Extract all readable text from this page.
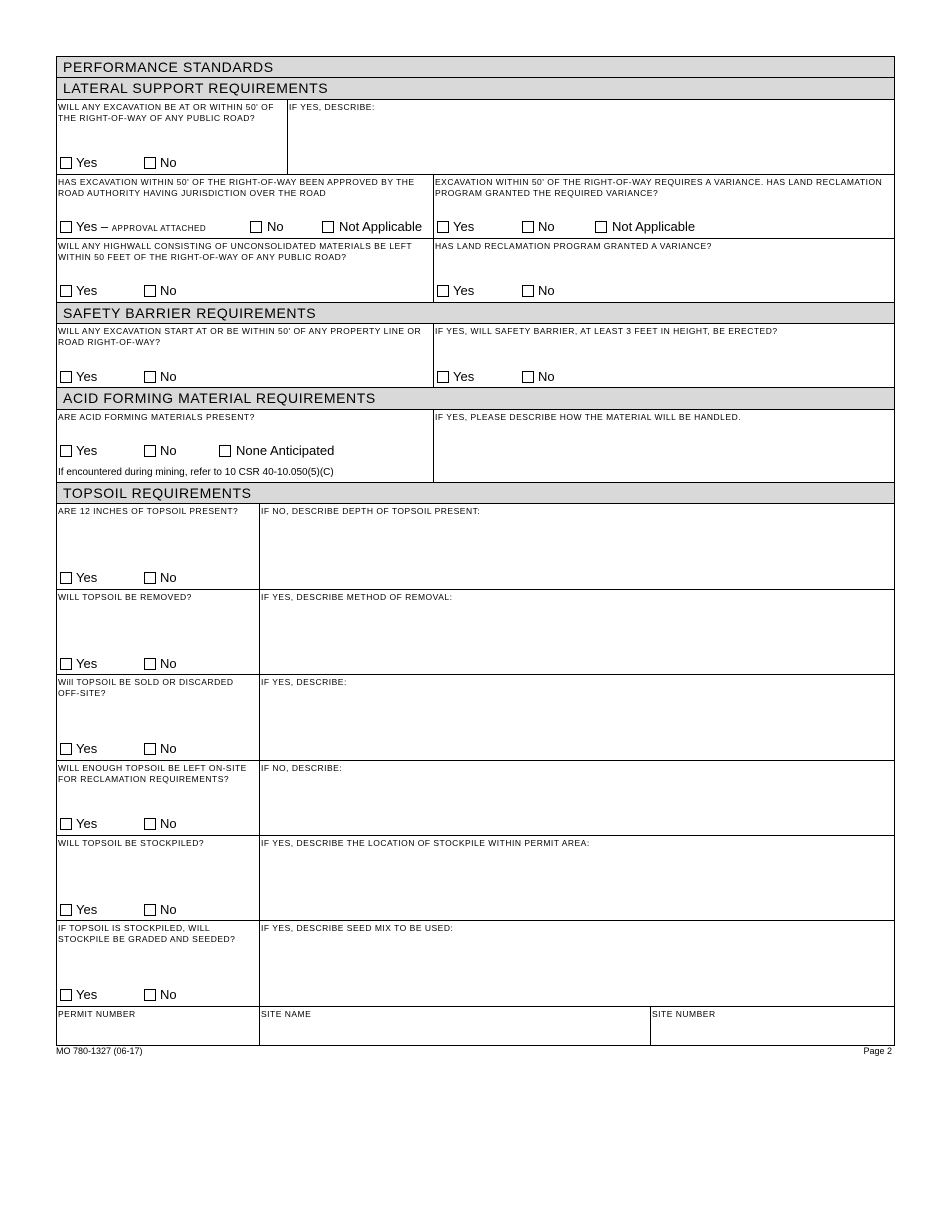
PERFORMANCE STANDARDS
LATERAL SUPPORT REQUIREMENTS
WILL ANY EXCAVATION BE AT OR WITHIN 50' OF THE RIGHT-OF-WAY OF ANY PUBLIC ROAD?
IF YES, DESCRIBE:
Yes	No
HAS EXCAVATION WITHIN 50' OF THE RIGHT-OF-WAY BEEN APPROVED BY THE ROAD AUTHORITY HAVING JURISDICTION OVER THE ROAD
EXCAVATION WITHIN 50' OF THE RIGHT-OF-WAY REQUIRES A VARIANCE. HAS LAND RECLAMATION PROGRAM GRANTED THE REQUIRED VARIANCE?
Yes – APPROVAL ATTACHED	No	Not Applicable Yes	No	Not Applicable
WILL ANY HIGHWALL CONSISTING OF UNCONSOLIDATED MATERIALS BE LEFT WITHIN 50 FEET OF THE RIGHT-OF-WAY OF ANY PUBLIC ROAD?
HAS LAND RECLAMATION PROGRAM GRANTED A VARIANCE?
Yes	No	Yes	No
SAFETY BARRIER REQUIREMENTS
WILL ANY EXCAVATION START AT OR BE WITHIN 50' OF ANY PROPERTY LINE OR ROAD RIGHT-OF-WAY?
IF YES, WILL SAFETY BARRIER, AT LEAST 3 FEET IN HEIGHT, BE ERECTED?
Yes	No	Yes	No
ACID FORMING MATERIAL REQUIREMENTS
ARE ACID FORMING MATERIALS PRESENT?	IF YES, PLEASE DESCRIBE HOW THE MATERIAL WILL BE HANDLED.
Yes	No	None Anticipated
If encountered during mining, refer to 10 CSR 40-10.050(5)(C)
TOPSOIL REQUIREMENTS
ARE 12 INCHES OF TOPSOIL PRESENT?	IF NO, DESCRIBE DEPTH OF TOPSOIL PRESENT:
Yes	No
WILL TOPSOIL BE REMOVED?	IF YES, DESCRIBE METHOD OF REMOVAL:
Yes	No
Will TOPSOIL BE SOLD OR DISCARDED OFF-SITE?
IF YES, DESCRIBE:
Yes	No
WILL ENOUGH TOPSOIL BE LEFT ON-SITE FOR RECLAMATION REQUIREMENTS?
IF NO, DESCRIBE:
Yes	No
WILL TOPSOIL BE STOCKPILED?	IF YES, DESCRIBE THE LOCATION OF STOCKPILE WITHIN PERMIT AREA:
Yes	No
IF TOPSOIL IS STOCKPILED, WILL STOCKPILE BE GRADED AND SEEDED?
IF YES, DESCRIBE SEED MIX TO BE USED:
Yes	No
PERMIT NUMBER	SITE NAME	SITE NUMBER
MO 780-1327 (06-17)	Page 2
